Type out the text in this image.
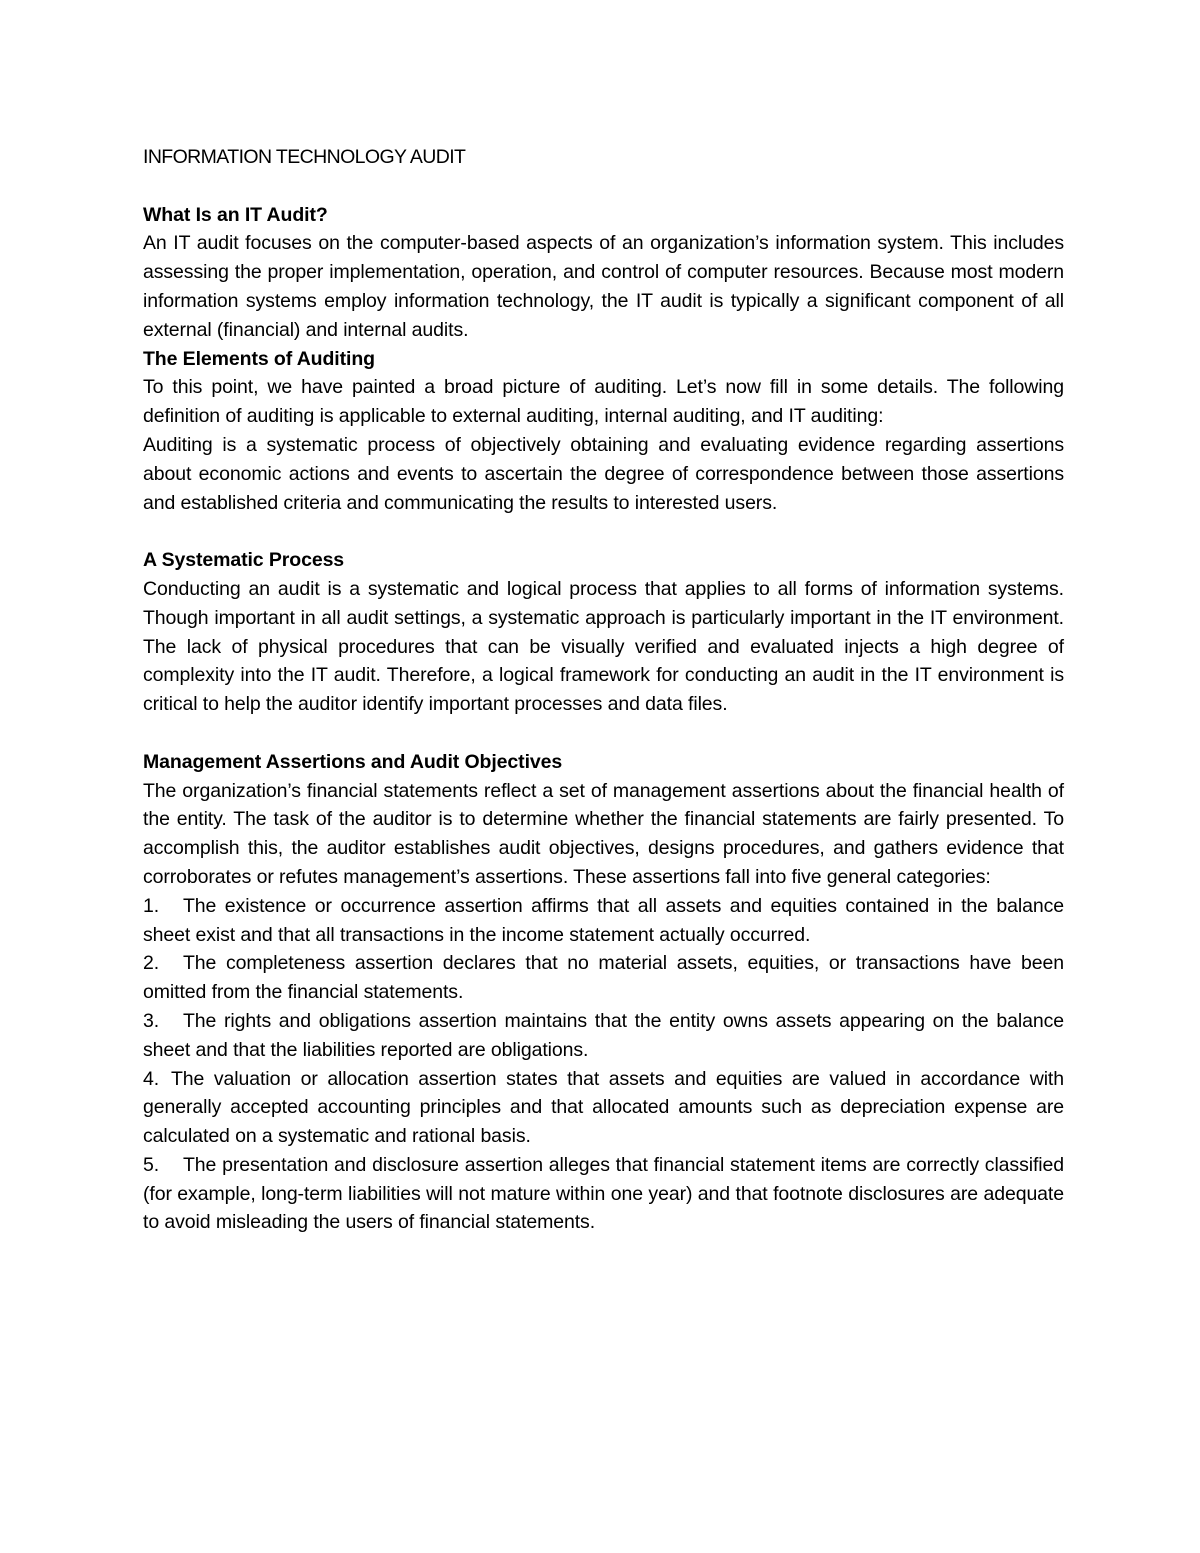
INFORMATION TECHNOLOGY AUDIT
What Is an IT Audit?

An IT audit focuses on the computer-based aspects of an organization’s information system. This includes assessing the proper implementation, operation, and control of computer resources. Because most modern information systems employ information technology, the IT audit is typically a significant component of all external (financial) and internal audits.

The Elements of Auditing

To this point, we have painted a broad picture of auditing. Let’s now fill in some details. The following definition of auditing is applicable to external auditing, internal auditing, and IT auditing:

Auditing is a systematic process of objectively obtaining and evaluating evidence regarding assertions about economic actions and events to ascertain the degree of correspondence between those assertions and established criteria and communicating the results to interested users.

A Systematic Process

Conducting an audit is a systematic and logical process that applies to all forms of information systems. Though important in all audit settings, a systematic approach is particularly important in the IT environment. The lack of physical procedures that can be visually verified and evaluated injects a high degree of complexity into the IT audit. Therefore, a logical framework for conducting an audit in the IT environment is critical to help the auditor identify important processes and data files.

Management Assertions and Audit Objectives

The organization’s financial statements reflect a set of management assertions about the financial health of the entity. The task of the auditor is to determine whether the financial statements are fairly presented. To accomplish this, the auditor establishes audit objectives, designs procedures, and gathers evidence that corroborates or refutes management’s assertions. These assertions fall into five general categories:

1. The existence or occurrence assertion affirms that all assets and equities contained in the balance sheet exist and that all transactions in the income statement actually occurred.
2. The completeness assertion declares that no material assets, equities, or transactions have been omitted from the financial statements.
3. The rights and obligations assertion maintains that the entity owns assets appearing on the balance sheet and that the liabilities reported are obligations.
4. The valuation or allocation assertion states that assets and equities are valued in accordance with generally accepted accounting principles and that allocated amounts such as depreciation expense are calculated on a systematic and rational basis.
5. The presentation and disclosure assertion alleges that financial statement items are correctly classified (for example, long-term liabilities will not mature within one year) and that footnote disclosures are adequate to avoid misleading the users of financial statements.
